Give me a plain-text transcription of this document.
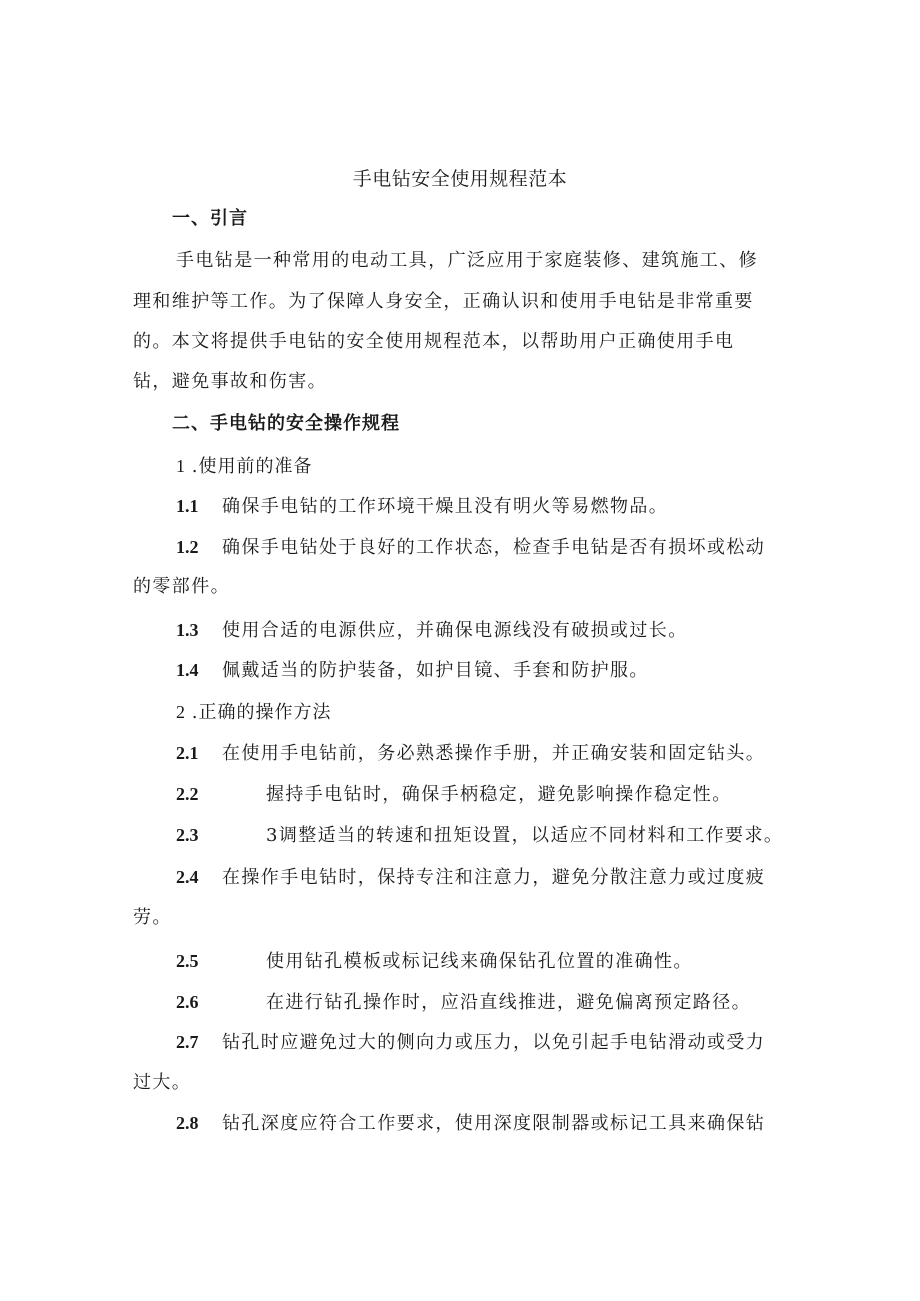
手电钻安全使用规程范本
一、引言
手电钻是一种常用的电动工具，广泛应用于家庭装修、建筑施工、修
理和维护等工作。为了保障人身安全，正确认识和使用手电钻是非常重要
的。本文将提供手电钻的安全使用规程范本，以帮助用户正确使用手电
钻，避免事故和伤害。
二、手电钻的安全操作规程
1 .使用前的准备
1.1 确保手电钻的工作环境干燥且没有明火等易燃物品。
1.2 确保手电钻处于良好的工作状态，检查手电钻是否有损坏或松动
的零部件。
1.3 使用合适的电源供应，并确保电源线没有破损或过长。
1.4 佩戴适当的防护装备，如护目镜、手套和防护服。
2 .正确的操作方法
2.1 在使用手电钻前，务必熟悉操作手册，并正确安装和固定钻头。
2.2	握持手电钻时，确保手柄稳定，避免影响操作稳定性。
2.3	3调整适当的转速和扭矩设置，以适应不同材料和工作要求。
2.4 在操作手电钻时，保持专注和注意力，避免分散注意力或过度疲
劳。
2.5	使用钻孔模板或标记线来确保钻孔位置的准确性。
2.6	在进行钻孔操作时，应沿直线推进，避免偏离预定路径。
2.7 钻孔时应避免过大的侧向力或压力，以免引起手电钻滑动或受力
过大。
2.8 钻孔深度应符合工作要求，使用深度限制器或标记工具来确保钻
